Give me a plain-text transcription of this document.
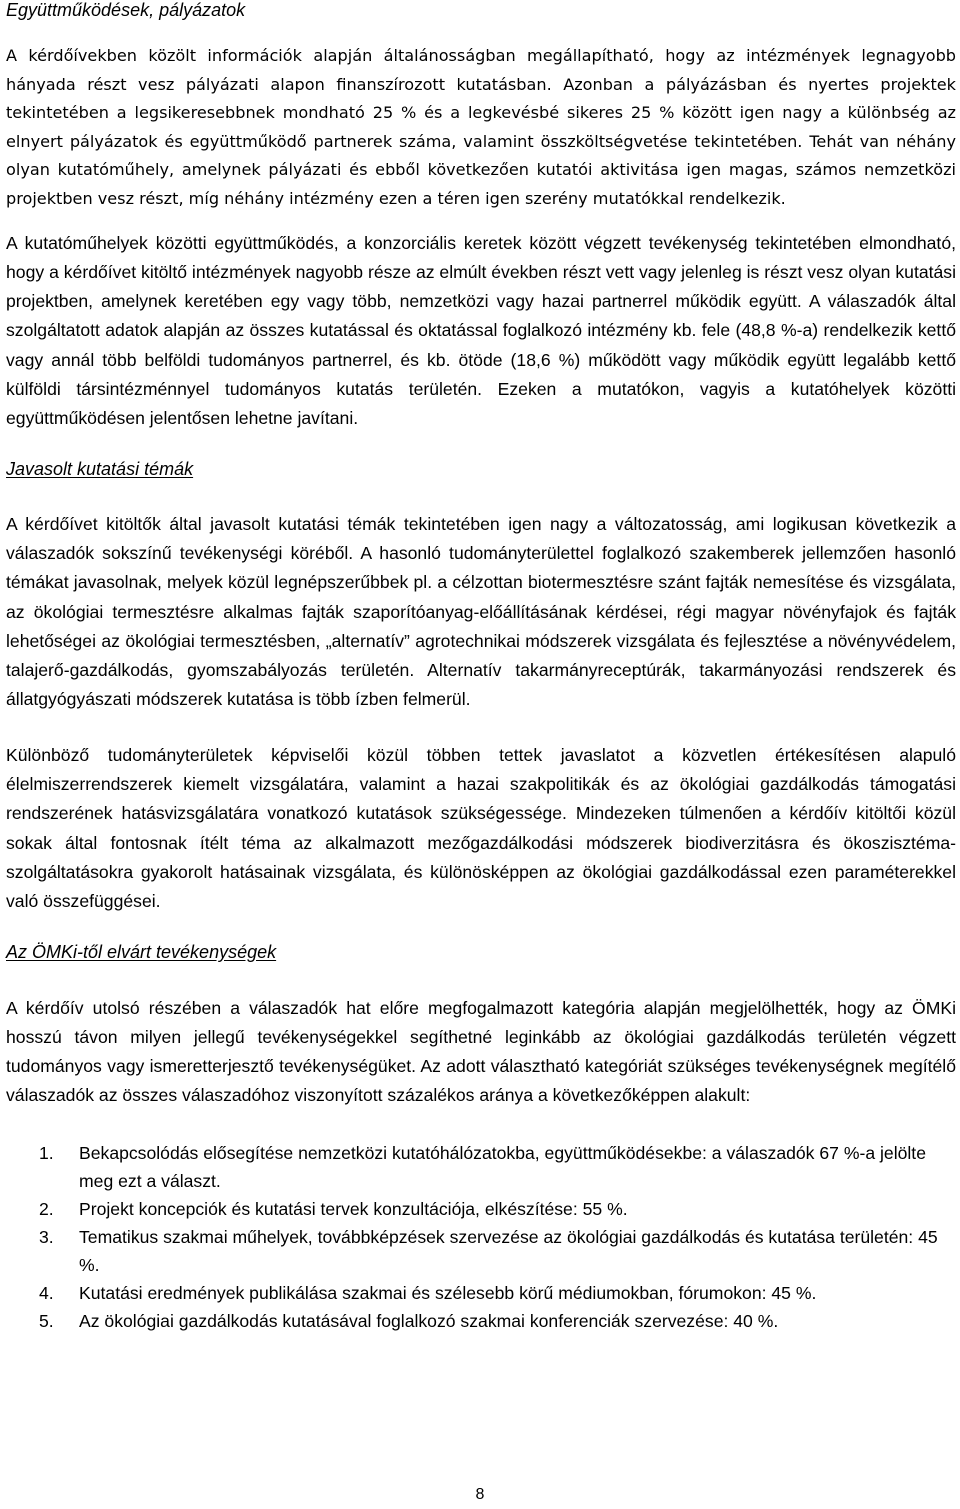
Együttműködések, pályázatok

A kérdőívekben közölt információk alapján általánosságban megállapítható, hogy az intézmények legnagyobb hányada részt vesz pályázati alapon finanszírozott kutatásban. Azonban a pályázásban és nyertes projektek tekintetében a legsikeresebbnek mondható 25 % és a legkevésbé sikeres 25 % között igen nagy a különbség az elnyert pályázatok és együttműködő partnerek száma, valamint összköltségvetése tekintetében. Tehát van néhány olyan kutatóműhely, amelynek pályázati és ebből következően kutatói aktivitása igen magas, számos nemzetközi projektben vesz részt, míg néhány intézmény ezen a téren igen szerény mutatókkal rendelkezik.

A kutatóműhelyek közötti együttműködés, a konzorciális keretek között végzett tevékenység tekintetében elmondható, hogy a kérdőívet kitöltő intézmények nagyobb része az elmúlt években részt vett vagy jelenleg is részt vesz olyan kutatási projektben, amelynek keretében egy vagy több, nemzetközi vagy hazai partnerrel működik együtt. A válaszadók által szolgáltatott adatok alapján az összes kutatással és oktatással foglalkozó intézmény kb. fele (48,8 %-a) rendelkezik kettő vagy annál több belföldi tudományos partnerrel, és kb. ötöde (18,6 %) működött vagy működik együtt legalább kettő külföldi társintézménnyel tudományos kutatás területén. Ezeken a mutatókon, vagyis a kutatóhelyek közötti együttműködésen jelentősen lehetne javítani.

Javasolt kutatási témák

A kérdőívet kitöltők által javasolt kutatási témák tekintetében igen nagy a változatosság, ami logikusan következik a válaszadók sokszínű tevékenységi köréből. A hasonló tudományterülettel foglalkozó szakemberek jellemzően hasonló témákat javasolnak, melyek közül legnépszerűbbek pl. a célzottan biotermesztésre szánt fajták nemesítése és vizsgálata, az ökológiai termesztésre alkalmas fajták szaporítóanyag-előállításának kérdései, régi magyar növényfajok és fajták lehetőségei az ökológiai termesztésben, „alternatív” agrotechnikai módszerek vizsgálata és fejlesztése a növényvédelem, talajerő-gazdálkodás, gyomszabályozás területén. Alternatív takarmányreceptúrák, takarmányozási rendszerek és állatgyógyászati módszerek kutatása is több ízben felmerül.

Különböző tudományterületek képviselői közül többen tettek javaslatot a közvetlen értékesítésen alapuló élelmiszerrendszerek kiemelt vizsgálatára, valamint a hazai szakpolitikák és az ökológiai gazdálkodás támogatási rendszerének hatásvizsgálatára vonatkozó kutatások szükségessége. Mindezeken túlmenően a kérdőív kitöltői közül sokak által fontosnak ítélt téma az alkalmazott mezőgazdálkodási módszerek biodiverzitásra és ökoszisztéma-szolgáltatásokra gyakorolt hatásainak vizsgálata, és különösképpen az ökológiai gazdálkodással ezen paraméterekkel való összefüggései.

Az ÖMKi-től elvárt tevékenységek

A kérdőív utolsó részében a válaszadók hat előre megfogalmazott kategória alapján megjelölhették, hogy az ÖMKi hosszú távon milyen jellegű tevékenységekkel segíthetné leginkább az ökológiai gazdálkodás területén végzett tudományos vagy ismeretterjesztő tevékenységüket. Az adott választható kategóriát szükséges tevékenységnek megítélő válaszadók az összes válaszadóhoz viszonyított százalékos aránya a következőképpen alakult:

1. Bekapcsolódás elősegítése nemzetközi kutatóhálózatokba, együttműködésekbe: a válaszadók 67 %-a jelölte meg ezt a választ.
2. Projekt koncepciók és kutatási tervek konzultációja, elkészítése: 55 %.
3. Tematikus szakmai műhelyek, továbbképzések szervezése az ökológiai gazdálkodás és kutatása területén: 45 %.
4. Kutatási eredmények publikálása szakmai és szélesebb körű médiumokban, fórumokon: 45 %.
5. Az ökológiai gazdálkodás kutatásával foglalkozó szakmai konferenciák szervezése: 40 %.
8
